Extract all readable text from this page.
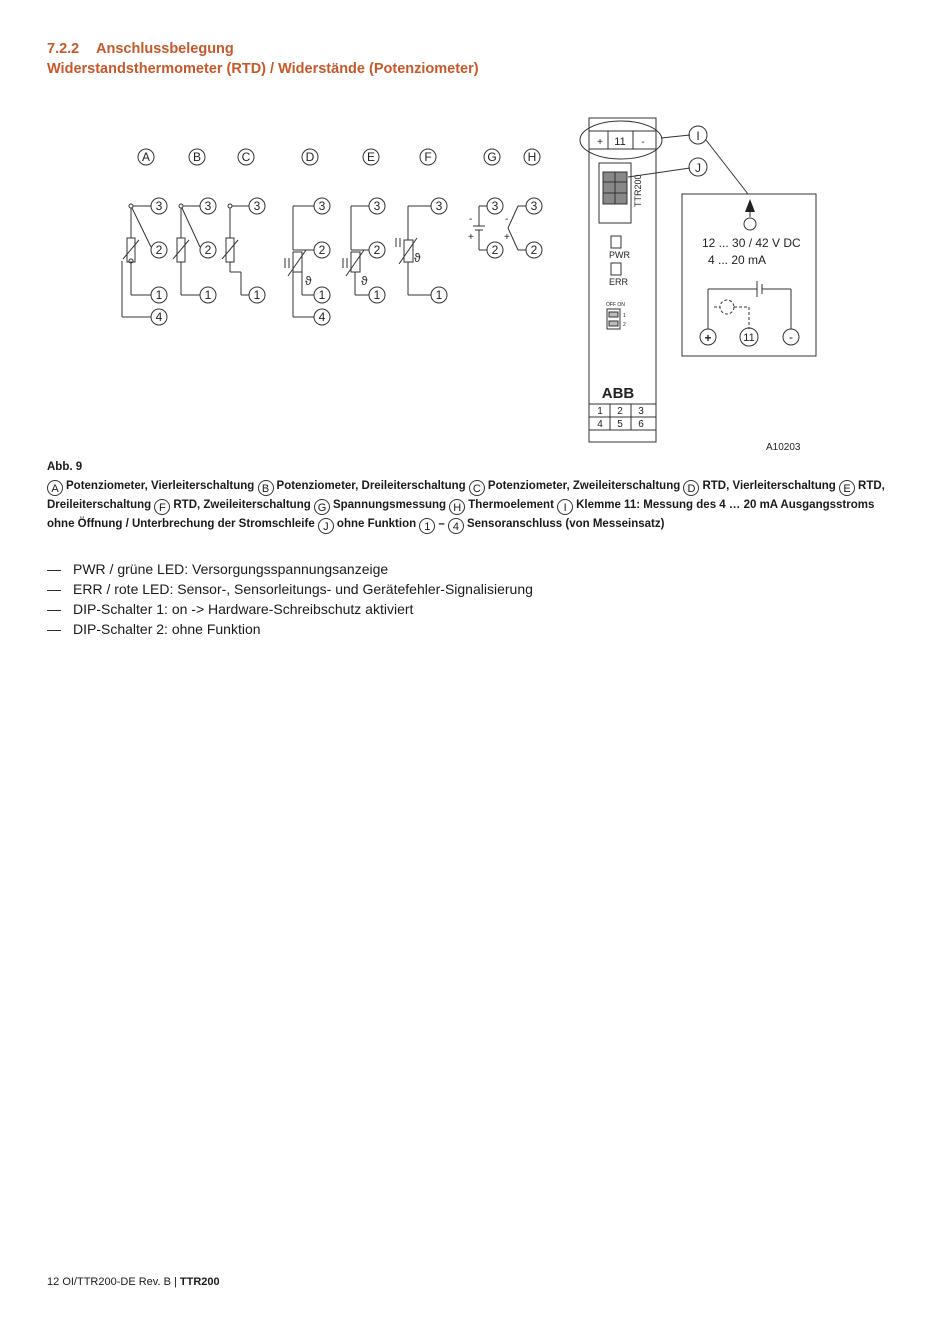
7.2.2 Anschlussbelegung
Widerstandsthermometer (RTD) / Widerstände (Potenziometer)
A	B	C	D	E	F	G	H
3
2
1
4
3
2
1
3
1
ϑ
3
2
1
4
ϑ
3
2
1
ϑ
3
1
-
+
3
2
-
+
3
2
+ 11 -
TTR200
PWR
ERR
OFF ON
1
2
ABB
1 2 3
4 5 6
I
J
12 ... 30 / 42 V DC
4 ... 20 mA
+	11	-
A10203
Abb. 9
A Potenziometer, Vierleiterschaltung B Potenziometer, Dreileiterschaltung C Potenziometer, Zweileiterschaltung D RTD, Vierleiterschaltung E RTD, Dreileiterschaltung F RTD, Zweileiterschaltung G Spannungsmessung H Thermoelement I Klemme 11: Messung des 4 … 20 mA Ausgangsstroms ohne Öffnung / Unterbrechung der Stromschleife J ohne Funktion 1 – 4 Sensoranschluss (von Messeinsatz)
— PWR / grüne LED: Versorgungsspannungsanzeige
— ERR / rote LED: Sensor-, Sensorleitungs- und Gerätefehler-Signalisierung
— DIP-Schalter 1: on -> Hardware-Schreibschutz aktiviert
— DIP-Schalter 2: ohne Funktion
12 OI/TTR200-DE Rev. B | TTR200
